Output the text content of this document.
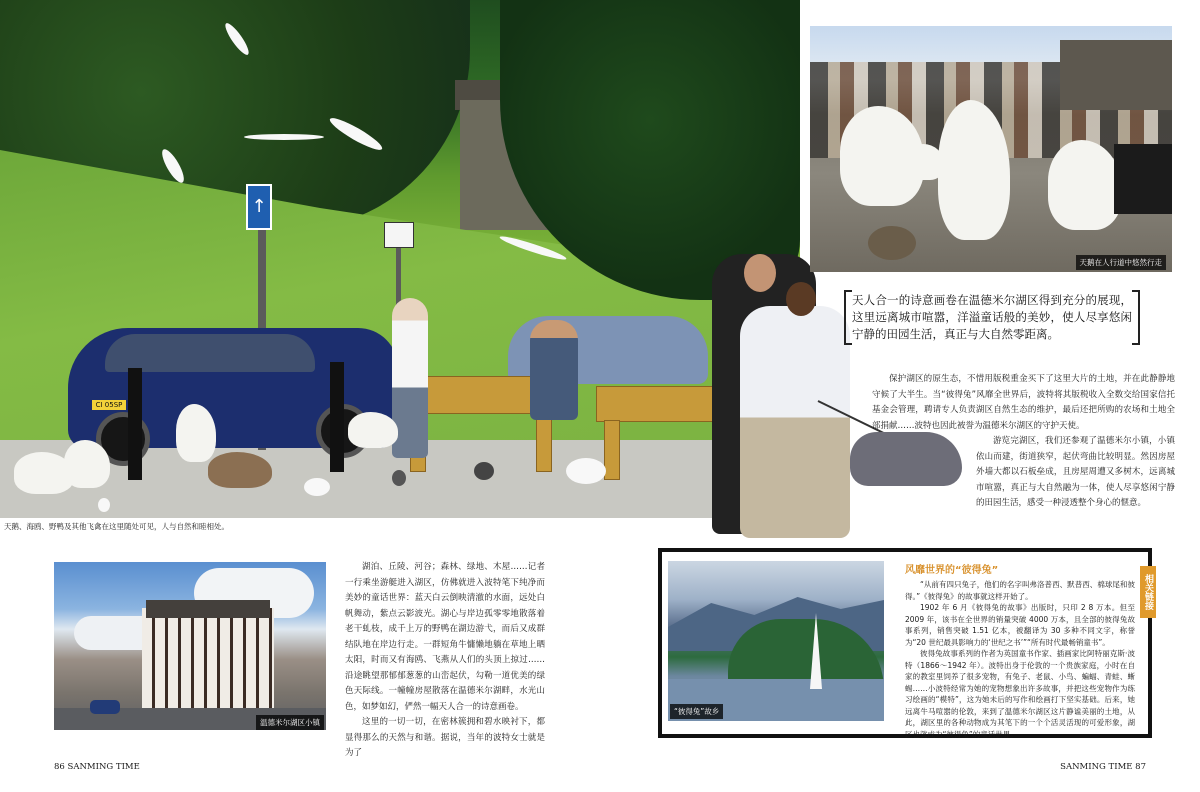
↑
CI 05SP
天鹅、海鸥、野鸭及其他飞禽在这里随处可见，人与自然和睦相处。
天鹅在人行道中悠然行走
天人合一的诗意画卷在温德米尔湖区得到充分的展现，这里远离城市喧嚣，洋溢童话般的美妙，使人尽享悠闲宁静的田园生活，真正与大自然零距离。

保护湖区的原生态，不惜用版税重金买下了这里大片的土地，并在此静静地守候了大半生。当“彼得兔”风靡全世界后，波特将其版税收入全数交给国家信托基金会管理，聘请专人负责湖区自然生态的维护，最后还把所购的农场和土地全部捐献……波特也因此被誉为温德米尔湖区的守护天使。

游览完湖区，我们还参观了温德米尔小镇，小镇依山而建，街道狭窄，起伏弯曲比较明显。然因房屋外墙大都以石板垒成，且房屋周遭又多树木，远离城市喧嚣，真正与大自然融为一体，使人尽享悠闲宁静的田园生活，感受一种浸透整个身心的惬意。

温德米尔湖区小镇

湖泊、丘陵、河谷；森林、绿地、木屋……记者一行乘坐游艇进入湖区，仿佛就进入波特笔下纯净而美妙的童话世界：蓝天白云倒映清澈的水面，远处白帆舞动，紫点云影波光。湖心与岸边孤零零地散落着老干虬枝，成千上万的野鸭在湖边游弋，而后又成群结队地在岸边行走。一群短角牛慵懒地躺在草地上晒太阳，时而又有海鸥、飞燕从人们的头顶上掠过……沿途眺望那郁郁葱葱的山峦起伏，勾勒一道优美的绿色天际线。一幢幢房屋散落在温德米尔湖畔，水光山色，如梦如幻，俨然一幅天人合一的诗意画卷。

这里的一切一切，在密林簇拥和碧水映衬下，都显得那么的天然与和谐。据说，当年的波特女士就是为了

“彼得兔”故乡
风靡世界的“彼得兔”

“从前有四只兔子，他们的名字叫弗洛普西、默普西、棉球尾和彼得。”《彼得兔》的故事就这样开始了。

1902 年 6 月《彼得兔的故事》出版时，只印 2 8 万本。但至 2009 年，该书在全世界的销量突破 4000 万本，且全部的彼得兔故事系列，销售突破 1.51 亿本，被翻译为 30 多种不同文字，称誉为“20 世纪最具影响力的‘世纪之书’”“所有时代最畅销童书”。

彼得兔故事系列的作者为英国童书作家、插画家比阿特丽克斯·波特（1866～1942 年）。波特出身于伦敦的一个贵族家庭，小时在自家的教室里饲养了很多宠物，有兔子、老鼠、小鸟、蝙蝠、青蛙、蜥蜴……小波特经常为她的宠物想象出许多故事，并把这些宠物作为练习绘画的“模特”，这为她未后的写作和绘画打下坚实基础。后来，她远离牛马喧嚣的伦敦，来到了温德米尔湖区这片静谧美丽的土地，从此，湖区里的各种动物成为其笔下的一个个活灵活现的可爱形象，湖区也就成为“彼得兔”的童话世界。

相关链接
86 SANMING TIME	SANMING TIME 87
